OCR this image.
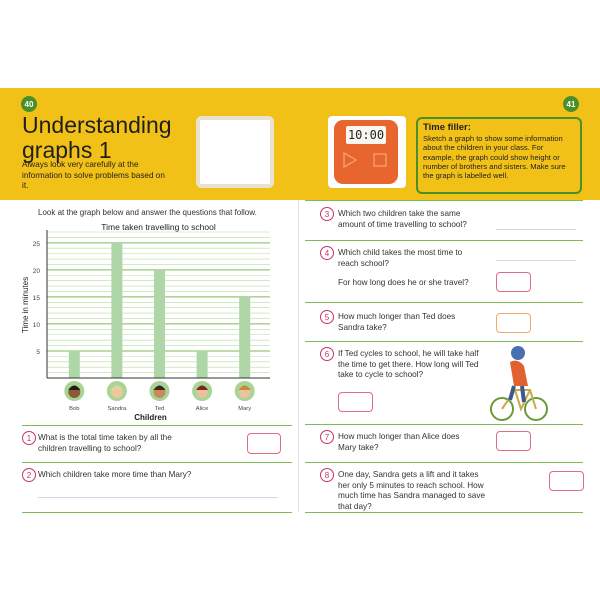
40	41
Understanding graphs 1
Always look very carefully at the information to solve problems based on it.
10:00
Time filler:
Sketch a graph to show some information about the children in your class. For example, the graph could show height or number of brothers and sisters. Make sure the graph is labelled well.
Look at the graph below and answer the questions that follow.
Time taken travelling to school
5
10
15
20
25
Time in minutes
Bob	Sandra	Ted	Alice	Mary
Children
1 What is the total time taken by all the children travelling to school?
2 Which children take more time than Mary?
3	Which two children take the same amount of time travelling to school?
4	Which child takes the most time to reach school?
For how long does he or she travel?
5	How much longer than Ted does Sandra take?
6	If Ted cycles to school, he will take half the time to get there. How long will Ted take to cycle to school?
7	How much longer than Alice does Mary take?
8	One day, Sandra gets a lift and it takes her only 5 minutes to reach school. How much time has Sandra managed to save that day?
